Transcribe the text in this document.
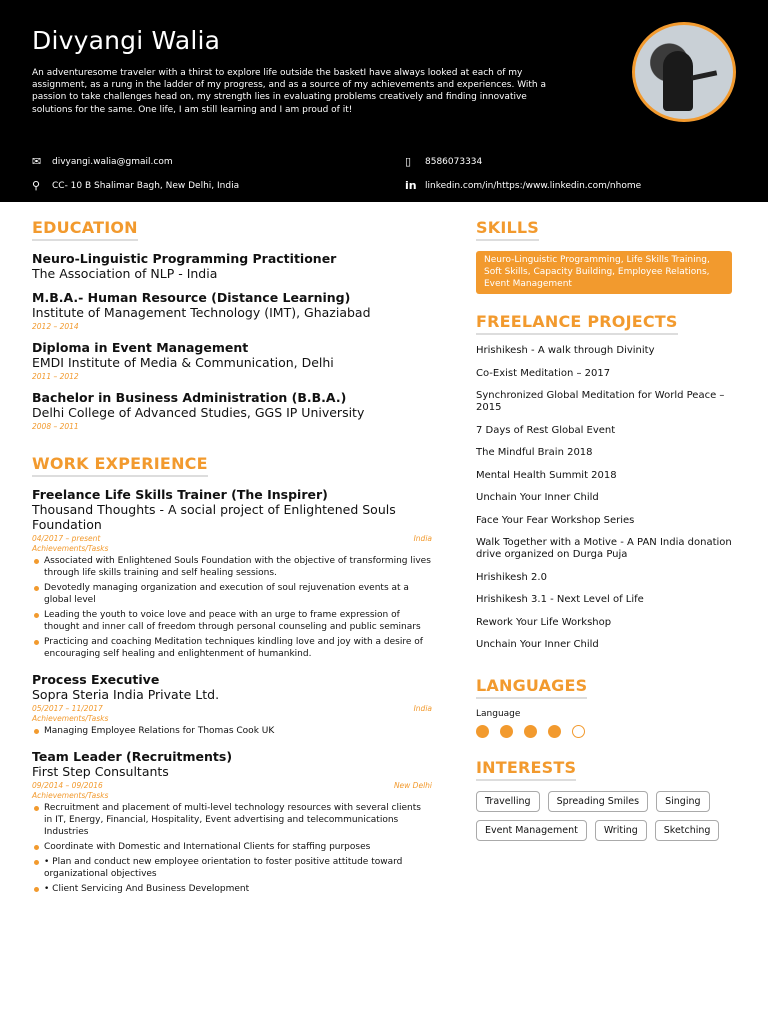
Divyangi Walia
An adventuresome traveler with a thirst to explore life outside the basketI have always looked at each of my assignment, as a rung in the ladder of my progress, and as a source of my achievements and experiences. With a passion to take challenges head on, my strength lies in evaluating problems creatively and finding innovative solutions for the same. One life, I am still learning and I am proud of it!
✉	divyangi.walia@gmail.com	▯	8586073334
⚲	CC- 10 B Shalimar Bagh, New Delhi, India	in linkedin.com/in/https:/www.linkedin.com/nhome
EDUCATION
Neuro-Linguistic Programming Practitioner
The Association of NLP - India
M.B.A.- Human Resource (Distance Learning)
Institute of Management Technology (IMT), Ghaziabad
2012 – 2014
Diploma in Event Management
EMDI Institute of Media & Communication, Delhi
2011 – 2012
Bachelor in Business Administration (B.B.A.)
Delhi College of Advanced Studies, GGS IP University
2008 – 2011
WORK EXPERIENCE
Freelance Life Skills Trainer (The Inspirer)
Thousand Thoughts - A social project of Enlightened Souls Foundation
04/2017 – present	India
Achievements/Tasks
Associated with Enlightened Souls Foundation with the objective of transforming lives through life skills training and self healing sessions.
Devotedly managing organization and execution of soul rejuvenation events at a global level
Leading the youth to voice love and peace with an urge to frame expression of thought and inner call of freedom through personal counseling and public seminars
Practicing and coaching Meditation techniques kindling love and joy with a desire of encouraging self healing and enlightenment of humankind.
Process Executive
Sopra Steria India Private Ltd.
05/2017 – 11/2017	India
Achievements/Tasks
Managing Employee Relations for Thomas Cook UK
Team Leader (Recruitments)
First Step Consultants
09/2014 – 09/2016	New Delhi
Achievements/Tasks
Recruitment and placement of multi-level technology resources with several clients in IT, Energy, Financial, Hospitality, Event advertising and telecommunications Industries
Coordinate with Domestic and International Clients for staffing purposes
• Plan and conduct new employee orientation to foster positive attitude toward organizational objectives
• Client Servicing And Business Development
SKILLS
Neuro-Linguistic Programming, Life Skills Training, Soft Skills, Capacity Building, Employee Relations, Event Management
FREELANCE PROJECTS
Hrishikesh - A walk through Divinity
Co-Exist Meditation – 2017
Synchronized Global Meditation for World Peace – 2015
7 Days of Rest Global Event
The Mindful Brain 2018
Mental Health Summit 2018
Unchain Your Inner Child
Face Your Fear Workshop Series
Walk Together with a Motive - A PAN India donation drive organized on Durga Puja
Hrishikesh 2.0
Hrishikesh 3.1 - Next Level of Life
Rework Your Life Workshop
Unchain Your Inner Child
LANGUAGES
Language
INTERESTS
Travelling	Spreading Smiles	Singing
Event Management	Writing	Sketching
